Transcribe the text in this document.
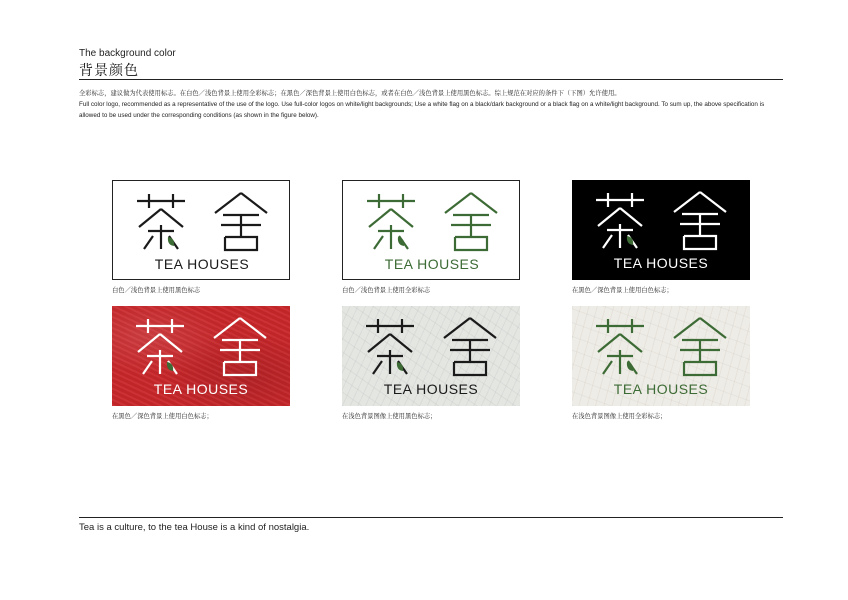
The background color
背景颜色

全彩标志，建议做为代表使用标志。在白色／浅色背景上使用全彩标志；在黑色／深色背景上使用白色标志，或者在白色／浅色背景上使用黑色标志。综上规范在对应的条件下（下图）允许使用。

Full color logo, recommended as a representative of the use of the logo. Use full-color logos on white/light backgrounds; Use a white flag on a black/dark background or a black flag on a white/light background. To sum up, the above specification is allowed to be used under the corresponding conditions (as shown in the figure below).

TEA HOUSES	TEA HOUSES	TEA HOUSES
TEA HOUSES	TEA HOUSES	TEA HOUSES
白色／浅色背景上使用黑色标志	白色／浅色背景上使用全彩标志	在黑色／深色背景上使用白色标志；
在黑色／深色背景上使用白色标志；	在浅色背景图像上使用黑色标志；	在浅色背景图像上使用全彩标志；
Tea is a culture, to the tea House is a kind of nostalgia.
